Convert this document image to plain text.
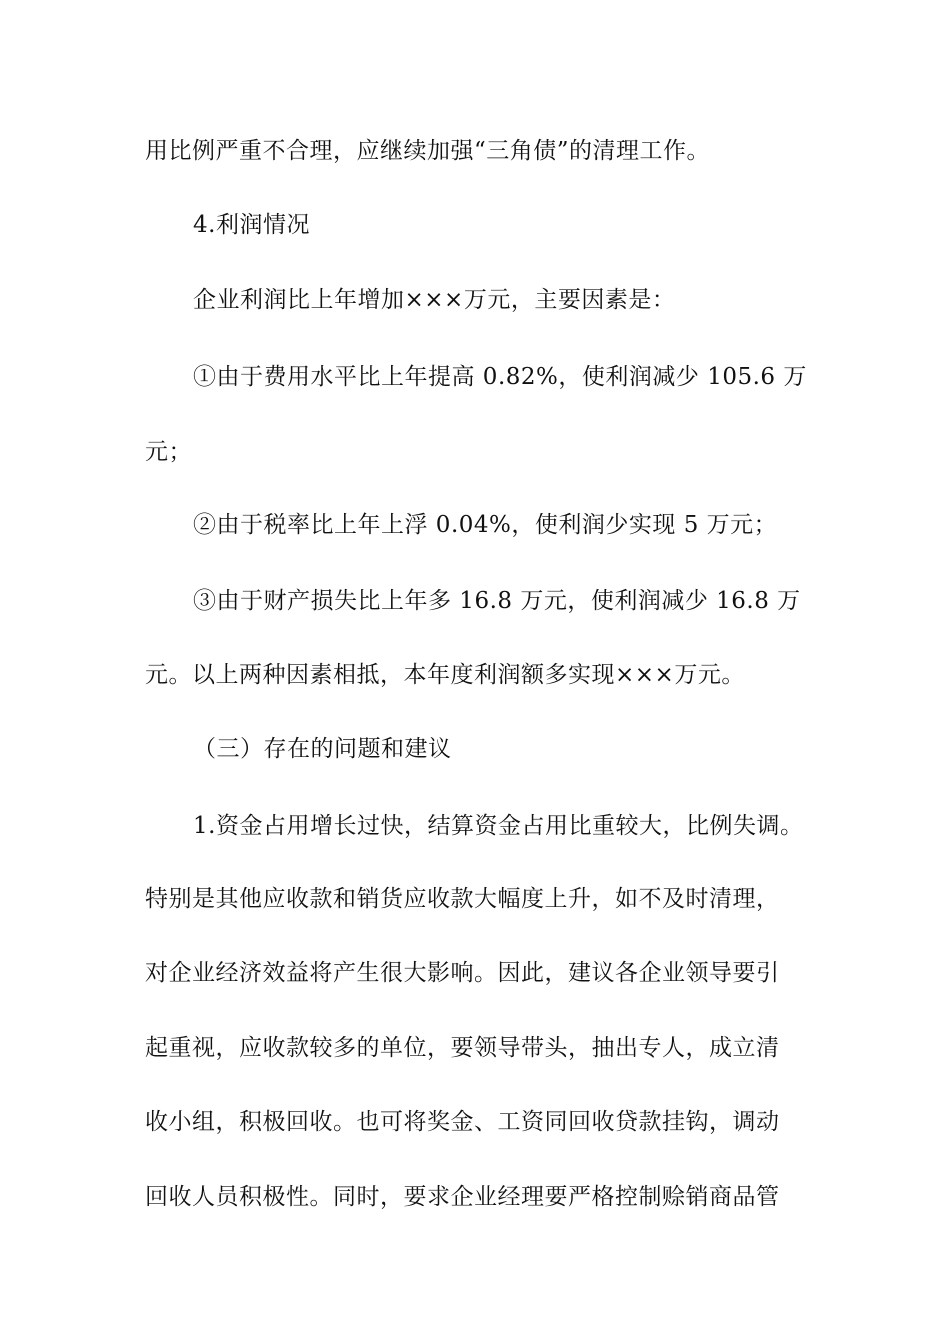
用比例严重不合理，应继续加强“三角债”的清理工作。
4.利润情况
企业利润比上年增加×××万元，主要因素是：
①由于费用水平比上年提高 0.82%，使利润减少 105.6 万
元；
②由于税率比上年上浮 0.04%，使利润少实现 5 万元；
③由于财产损失比上年多 16.8 万元，使利润减少 16.8 万
元。以上两种因素相抵，本年度利润额多实现×××万元。
（三）存在的问题和建议
1.资金占用增长过快，结算资金占用比重较大，比例失调。
特别是其他应收款和销货应收款大幅度上升，如不及时清理，
对企业经济效益将产生很大影响。因此，建议各企业领导要引
起重视，应收款较多的单位，要领导带头，抽出专人，成立清
收小组，积极回收。也可将奖金、工资同回收贷款挂钩，调动
回收人员积极性。同时，要求企业经理要严格控制赊销商品管
